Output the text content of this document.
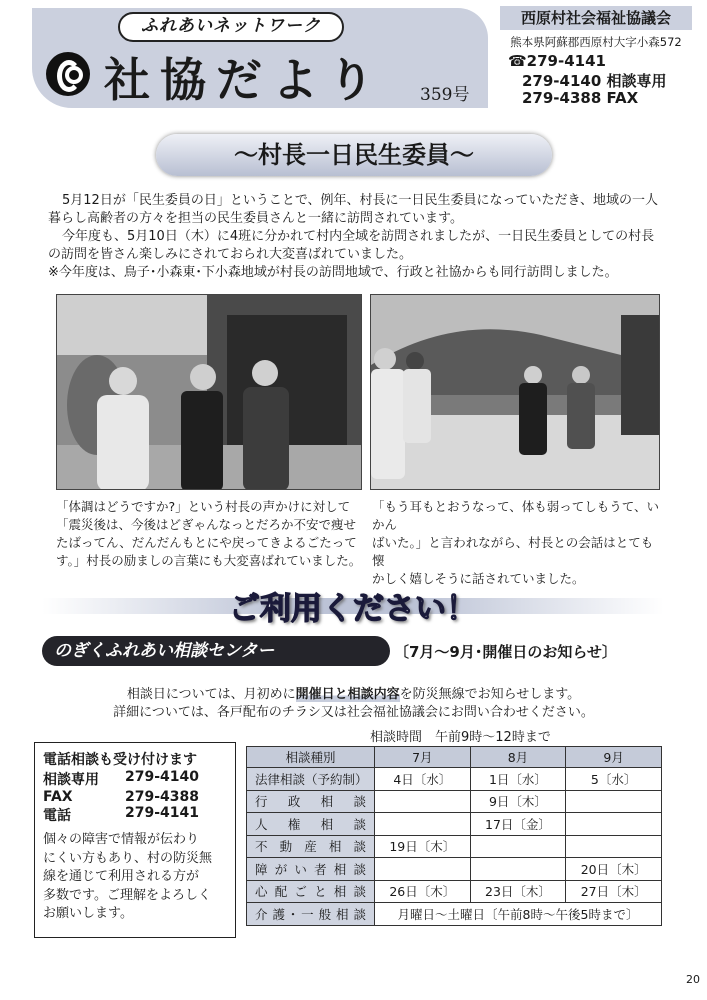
ふれあいネットワーク
社協だより 359号
西原村社会福祉協議会
熊本県阿蘇郡西原村大字小森572
☎279-4141
279-4140 相談専用
279-4388 FAX
〜村長一日民生委員〜

5月12日が「民生委員の日」ということで、例年、村長に一日民生委員になっていただき、地域の一人

暮らし高齢者の方々を担当の民生委員さんと一緒に訪問されています。

今年度も、5月10日（木）に4班に分かれて村内全域を訪問されましたが、一日民生委員としての村長

の訪問を皆さん楽しみにされておられ大変喜ばれていました。

※今年度は、鳥子･小森東･下小森地域が村長の訪問地域で、行政と社協からも同行訪問しました。

「体調はどうですか?」という村長の声かけに対して
「震災後は、今後はどぎゃんなっとだろか不安で痩せ
たばってん、だんだんもとにや戻ってきよるごたって
す。」村長の励ましの言葉にも大変喜ばれていました。
「もう耳もとおうなって、体も弱ってしもうて、いかん
ばいた。」と言われながら、村長との会話はとても懐
かしく嬉しそうに話されていました。
ご利用ください！
のぎくふれあい相談センター	〔7月〜9月･開催日のお知らせ〕
相談日については、月初めに開催日と相談内容を防災無線でお知らせします。
詳細については、各戸配布のチラシ又は社会福祉協議会にお問い合わせください。
電話相談も受け付けます
相談専用	279-4140
FAX	279-4388
電話	279-4141
個々の障害で情報が伝わり
にくい方もあり、村の防災無
線を通じて利用される方が
多数です。ご理解をよろしく
お願いします。
相談時間　午前9時〜12時まで
相談種別	7月	8月	9月
法律相談（予約制）	4日〔水〕	1日〔水〕	5〔水〕
行政相談		9日〔木〕	
人権相談		17日〔金〕	
不動産相談	19日〔木〕		
障がい者相談			20日〔木〕
心配ごと相談	26日〔木〕	23日〔木〕	27日〔木〕
介護･一般相談	月曜日〜土曜日〔午前8時〜午後5時まで〕		
20
